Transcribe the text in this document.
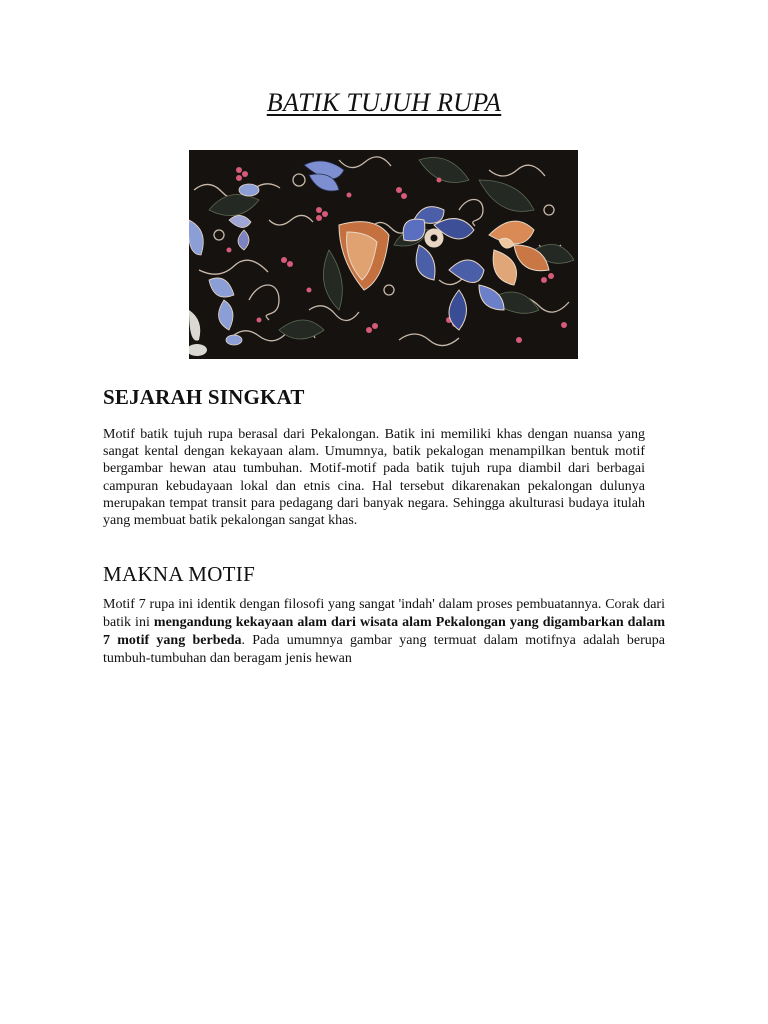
BATIK TUJUH RUPA
SEJARAH SINGKAT

Motif batik tujuh rupa berasal dari Pekalongan. Batik ini memiliki khas dengan nuansa yang sangat kental dengan kekayaan alam. Umumnya, batik pekalogan menampilkan bentuk motif bergambar hewan atau tumbuhan. Motif-motif pada batik tujuh rupa diambil dari berbagai campuran kebudayaan lokal dan etnis cina. Hal tersebut dikarenakan pekalongan dulunya merupakan tempat transit para pedagang dari banyak negara. Sehingga akulturasi budaya itulah yang membuat batik pekalongan sangat khas.

MAKNA MOTIF

Motif 7 rupa ini identik dengan filosofi yang sangat 'indah' dalam proses pembuatannya. Corak dari batik ini mengandung kekayaan alam dari wisata alam Pekalongan yang digambarkan dalam 7 motif yang berbeda. Pada umumnya gambar yang termuat dalam motifnya adalah berupa tumbuh-tumbuhan dan beragam jenis hewan
